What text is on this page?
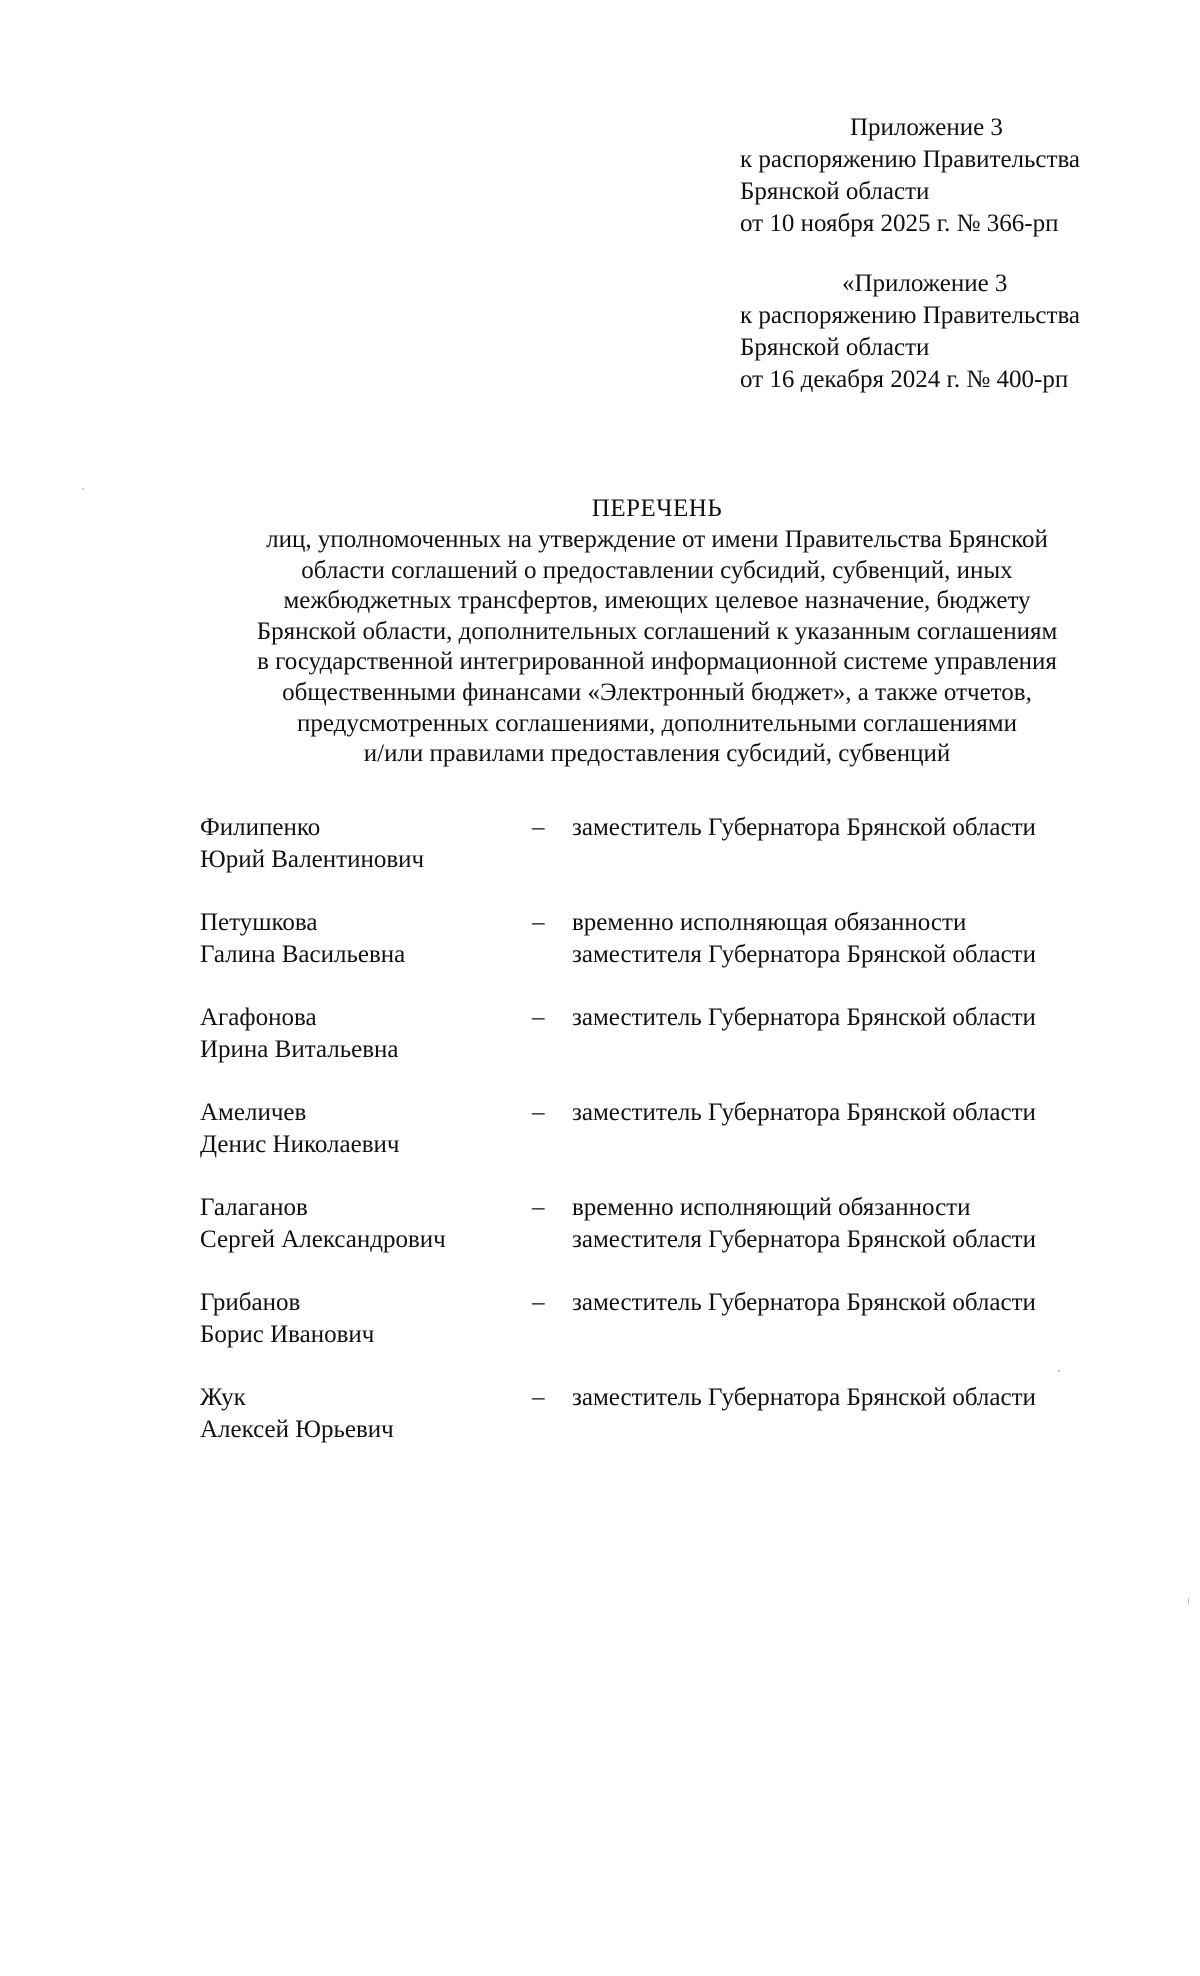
Приложение 3
к распоряжению Правительства
Брянской области
от 10 ноября 2025 г. № 366-рп
«Приложение 3
к распоряжению Правительства
Брянской области
от 16 декабря 2024 г. № 400-рп
ПЕРЕЧЕНЬ
лиц, уполномоченных на утверждение от имени Правительства Брянской
области соглашений о предоставлении субсидий, субвенций, иных
межбюджетных трансфертов, имеющих целевое назначение, бюджету
Брянской области, дополнительных соглашений к указанным соглашениям
в государственной интегрированной информационной системе управления
общественными финансами «Электронный бюджет», а также отчетов,
предусмотренных соглашениями, дополнительными соглашениями
и/или правилами предоставления субсидий, субвенций
Филипенко
Юрий Валентинович
– заместитель Губернатора Брянской области
Петушкова
Галина Васильевна
– временно исполняющая обязанности
заместителя Губернатора Брянской области
Агафонова
Ирина Витальевна
– заместитель Губернатора Брянской области
Амеличев
Денис Николаевич
– заместитель Губернатора Брянской области
Галаганов
Сергей Александрович
– временно исполняющий обязанности
заместителя Губернатора Брянской области
Грибанов
Борис Иванович
– заместитель Губернатора Брянской области
Жук
Алексей Юрьевич
– заместитель Губернатора Брянской области
